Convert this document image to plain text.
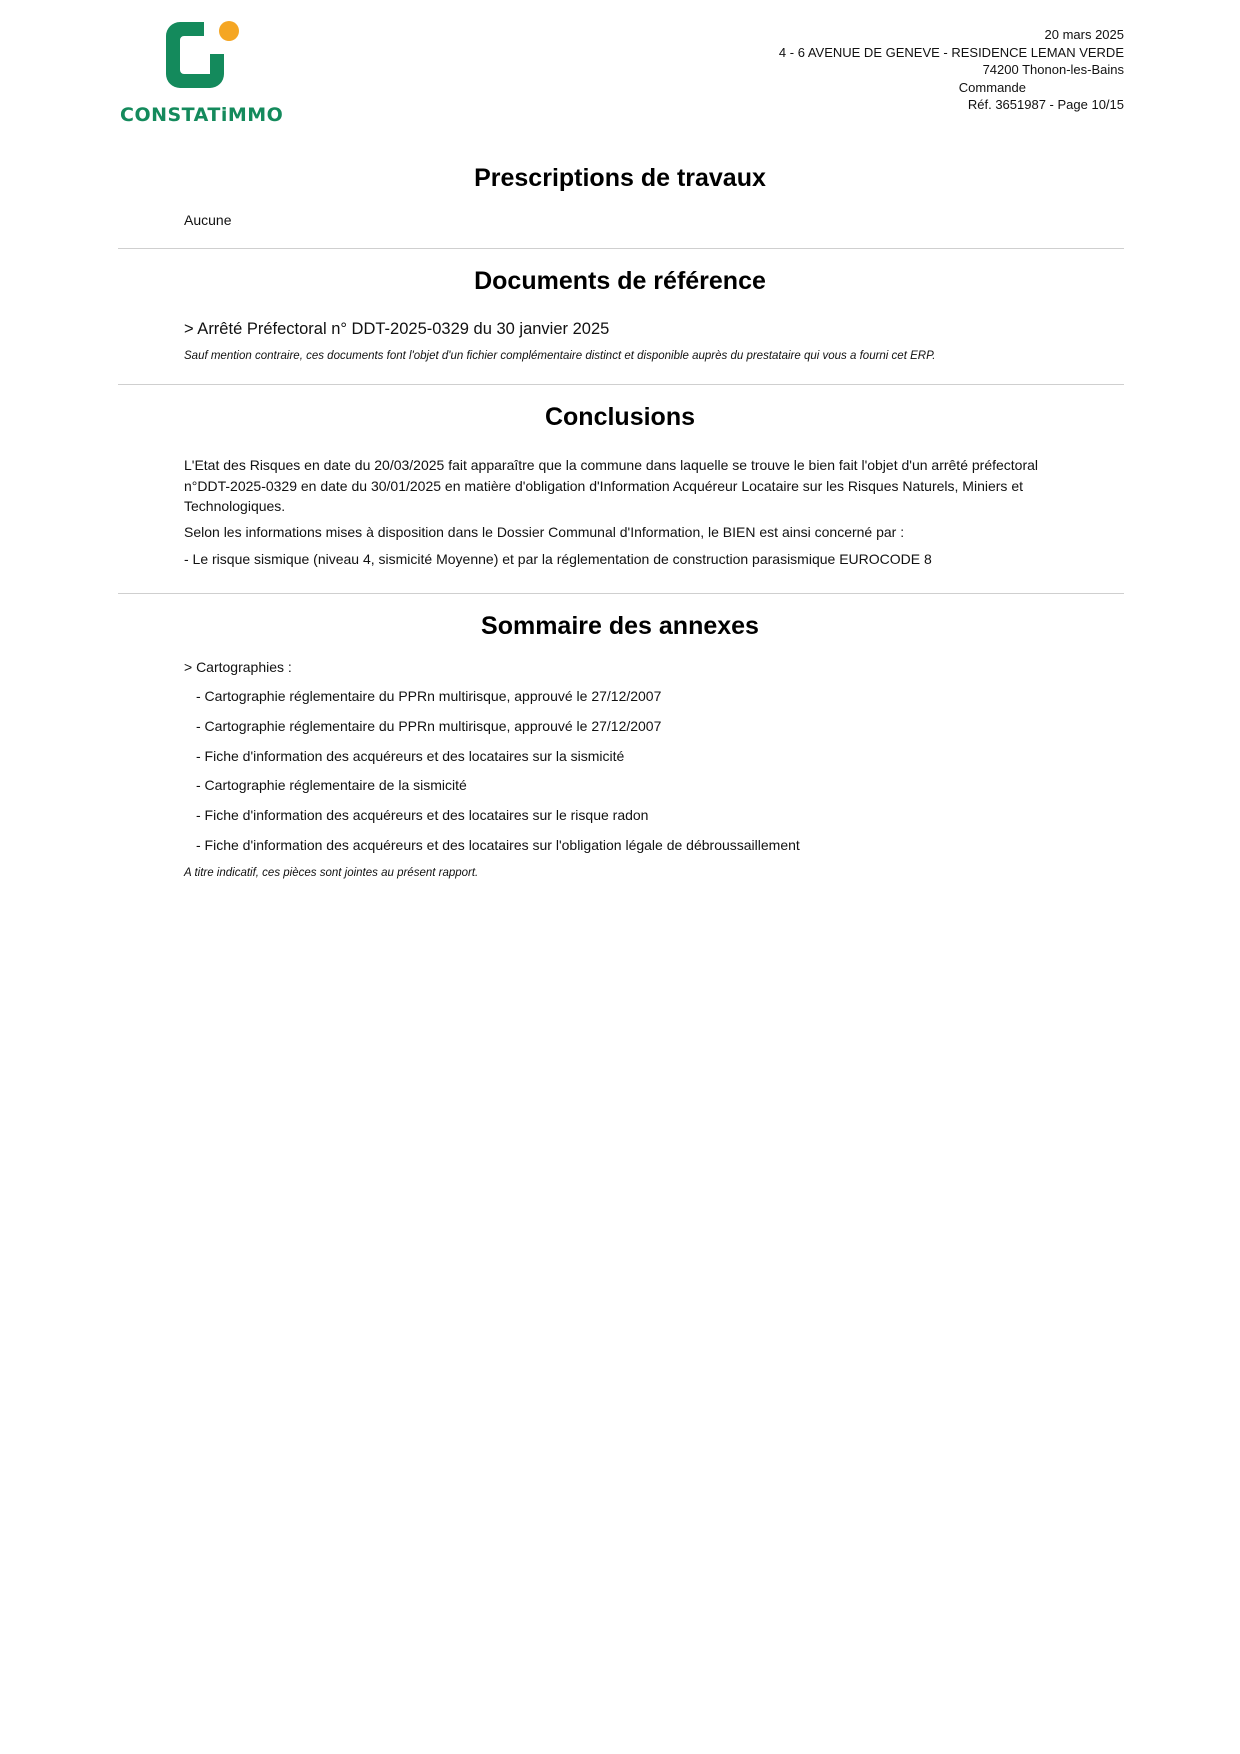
CONSTATiMMO
20 mars 2025
4 - 6 AVENUE DE GENEVE - RESIDENCE LEMAN VERDE
74200 Thonon-les-Bains
Commande
Réf. 3651987 - Page 10/15
Prescriptions de travaux
Aucune
Documents de référence
> Arrêté Préfectoral n° DDT-2025-0329 du 30 janvier 2025
Sauf mention contraire, ces documents font l'objet d'un fichier complémentaire distinct et disponible auprès du prestataire qui vous a fourni cet ERP.
Conclusions
L'Etat des Risques en date du 20/03/2025 fait apparaître que la commune dans laquelle se trouve le bien fait l'objet d'un arrêté préfectoral n°DDT-2025-0329 en date du 30/01/2025 en matière d'obligation d'Information Acquéreur Locataire sur les Risques Naturels, Miniers et Technologiques.
Selon les informations mises à disposition dans le Dossier Communal d'Information, le BIEN est ainsi concerné par :
- Le risque sismique (niveau 4, sismicité Moyenne) et par la réglementation de construction parasismique EUROCODE 8
Sommaire des annexes
> Cartographies :
- Cartographie réglementaire du PPRn multirisque, approuvé le 27/12/2007
- Cartographie réglementaire du PPRn multirisque, approuvé le 27/12/2007
- Fiche d'information des acquéreurs et des locataires sur la sismicité
- Cartographie réglementaire de la sismicité
- Fiche d'information des acquéreurs et des locataires sur le risque radon
- Fiche d'information des acquéreurs et des locataires sur l'obligation légale de débroussaillement
A titre indicatif, ces pièces sont jointes au présent rapport.
